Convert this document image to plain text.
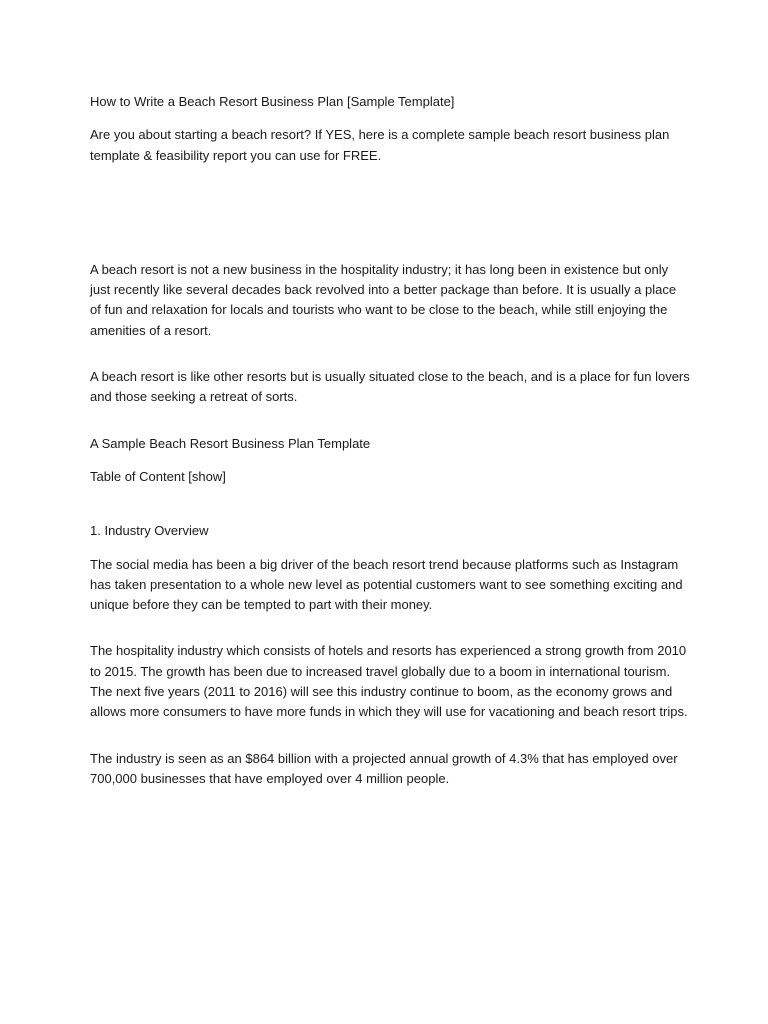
How to Write a Beach Resort Business Plan [Sample Template]

Are you about starting a beach resort? If YES, here is a complete sample beach resort business plan template & feasibility report you can use for FREE.

A beach resort is not a new business in the hospitality industry; it has long been in existence but only just recently like several decades back revolved into a better package than before. It is usually a place of fun and relaxation for locals and tourists who want to be close to the beach, while still enjoying the amenities of a resort.

A beach resort is like other resorts but is usually situated close to the beach, and is a place for fun lovers and those seeking a retreat of sorts.

A Sample Beach Resort Business Plan Template

Table of Content [show]

1. Industry Overview

The social media has been a big driver of the beach resort trend because platforms such as Instagram has taken presentation to a whole new level as potential customers want to see something exciting and unique before they can be tempted to part with their money.

The hospitality industry which consists of hotels and resorts has experienced a strong growth from 2010 to 2015. The growth has been due to increased travel globally due to a boom in international tourism. The next five years (2011 to 2016) will see this industry continue to boom, as the economy grows and allows more consumers to have more funds in which they will use for vacationing and beach resort trips.

The industry is seen as an $864 billion with a projected annual growth of 4.3% that has employed over 700,000 businesses that have employed over 4 million people.
